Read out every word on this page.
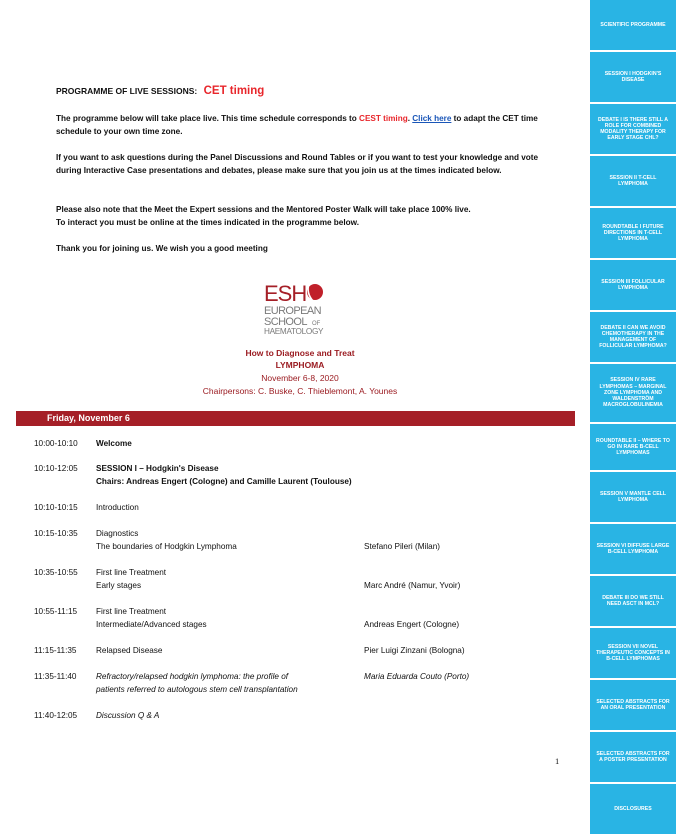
PROGRAMME OF LIVE SESSIONS: CET timing
The programme below will take place live. This time schedule corresponds to CEST timing. Click here to adapt the CET time schedule to your own time zone.
If you want to ask questions during the Panel Discussions and Round Tables or if you want to test your knowledge and vote during Interactive Case presentations and debates, please make sure that you join us at the times indicated below.
Please also note that the Meet the Expert sessions and the Mentored Poster Walk will take place 100% live.
To interact you must be online at the times indicated in the programme below.
Thank you for joining us. We wish you a good meeting
ESH
EUROPEAN
SCHOOL OF
HAEMATOLOGY
How to Diagnose and Treat
LYMPHOMA
November 6-8, 2020
Chairpersons: C. Buske, C. Thieblemont, A. Younes
Friday, November 6
10:00-10:10	Welcome
10:10-12:05	SESSION I – Hodgkin's Disease
Chairs: Andreas Engert (Cologne) and Camille Laurent (Toulouse)
10:10-10:15	Introduction
10:15-10:35	Diagnostics
The boundaries of Hodgkin Lymphoma	Stefano Pileri (Milan)
10:35-10:55	First line Treatment
Early stages	Marc André (Namur, Yvoir)
10:55-11:15	First line Treatment
Intermediate/Advanced stages	Andreas Engert (Cologne)
11:15-11:35	Relapsed Disease	Pier Luigi Zinzani (Bologna)
11:35-11:40	Refractory/relapsed hodgkin lymphoma: the profile of
patients referred to autologous stem cell transplantation
Maria Eduarda Couto (Porto)
11:40-12:05	Discussion Q & A
1
SCIENTIFIC PROGRAMME
SESSION I HODGKIN'S DISEASE
DEBATE I IS THERE STILL A ROLE FOR COMBINED MODALITY THERAPY FOR EARLY STAGE CHL?
SESSION II T-CELL LYMPHOMA
ROUNDTABLE I FUTURE DIRECTIONS IN T-CELL LYMPHOMA
SESSION III FOLLICULAR LYMPHOMA
DEBATE II CAN WE AVOID CHEMOTHERAPY IN THE MANAGEMENT OF FOLLICULAR LYMPHOMA?
SESSION IV RARE LYMPHOMAS – MARGINAL ZONE LYMPHOMA AND WALDENSTRÖM MACROGLOBULINEMIA
ROUNDTABLE II – WHERE TO GO IN RARE B-CELL LYMPHOMAS
SESSION V MANTLE CELL LYMPHOMA
SESSION VI DIFFUSE LARGE B-CELL LYMPHOMA
DEBATE III DO WE STILL NEED ASCT IN MCL?
SESSION VII NOVEL THERAPEUTIC CONCEPTS IN B-CELL LYMPHOMAS
SELECTED ABSTRACTS FOR AN ORAL PRESENTATION
SELECTED ABSTRACTS FOR A POSTER PRESENTATION
DISCLOSURES
